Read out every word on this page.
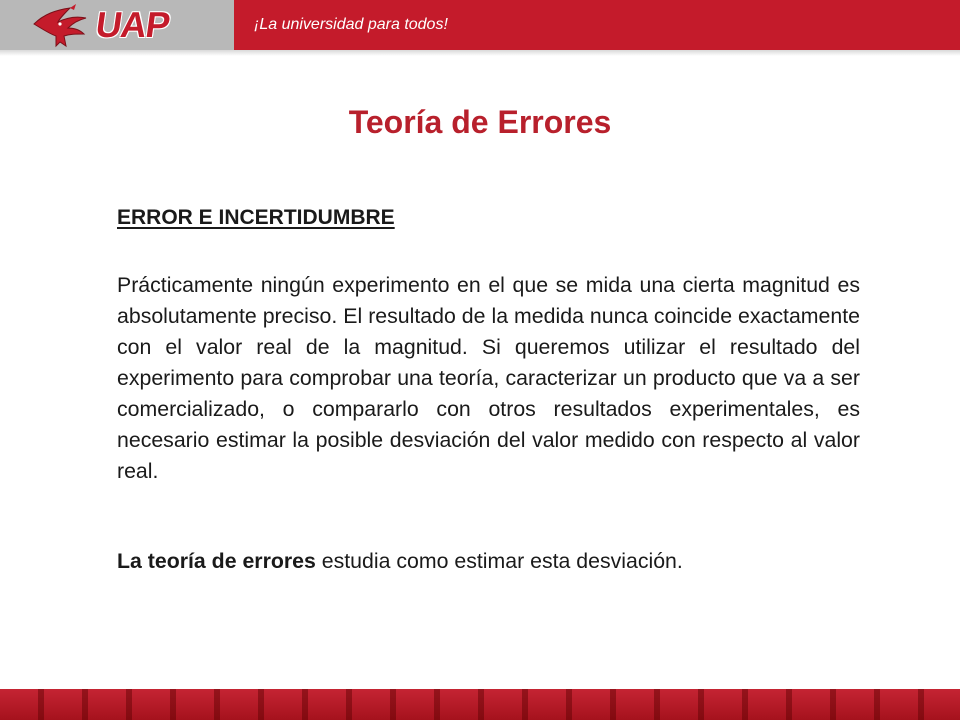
UAP	¡La universidad para todos!
Teoría de Errores
ERROR E INCERTIDUMBRE

Prácticamente ningún experimento en el que se mida una cierta magnitud es absolutamente preciso. El resultado de la medida nunca coincide exactamente con el valor real de la magnitud. Si queremos utilizar el resultado del experimento para comprobar una teoría, caracterizar un producto que va a ser comercializado, o compararlo con otros resultados experimentales, es necesario estimar la posible desviación del valor medido con respecto al valor real.

La teoría de errores estudia como estimar esta desviación.
